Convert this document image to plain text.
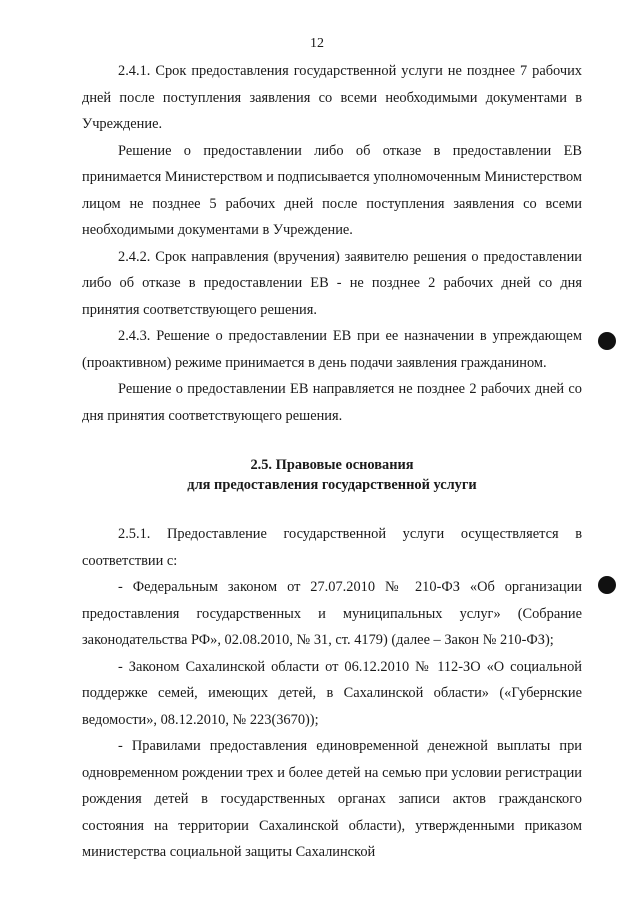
12

2.4.1. Срок предоставления государственной услуги не позднее 7 рабочих дней после поступления заявления со всеми необходимыми документами в Учреждение.

Решение о предоставлении либо об отказе в предоставлении ЕВ принимается Министерством и подписывается уполномоченным Министерством лицом не позднее 5 рабочих дней после поступления заявления со всеми необходимыми документами в Учреждение.

2.4.2. Срок направления (вручения) заявителю решения о предоставлении либо об отказе в предоставлении ЕВ - не позднее 2 рабочих дней со дня принятия соответствующего решения.

2.4.3. Решение о предоставлении ЕВ при ее назначении в упреждающем (проактивном) режиме принимается в день подачи заявления гражданином.

Решение о предоставлении ЕВ направляется не позднее 2 рабочих дней со дня принятия соответствующего решения.

2.5. Правовые основания

для предоставления государственной услуги

2.5.1. Предоставление государственной услуги осуществляется в соответствии с:

- Федеральным законом от 27.07.2010 № 210-ФЗ «Об организации предоставления государственных и муниципальных услуг» (Собрание законодательства РФ», 02.08.2010, № 31, ст. 4179) (далее – Закон № 210-ФЗ);

- Законом Сахалинской области от 06.12.2010 № 112-ЗО «О социальной поддержке семей, имеющих детей, в Сахалинской области» («Губернские ведомости», 08.12.2010, № 223(3670));

- Правилами предоставления единовременной денежной выплаты при одновременном рождении трех и более детей на семью при условии регистрации рождения детей в государственных органах записи актов гражданского состояния на территории Сахалинской области), утвержденными приказом министерства социальной защиты Сахалинской
